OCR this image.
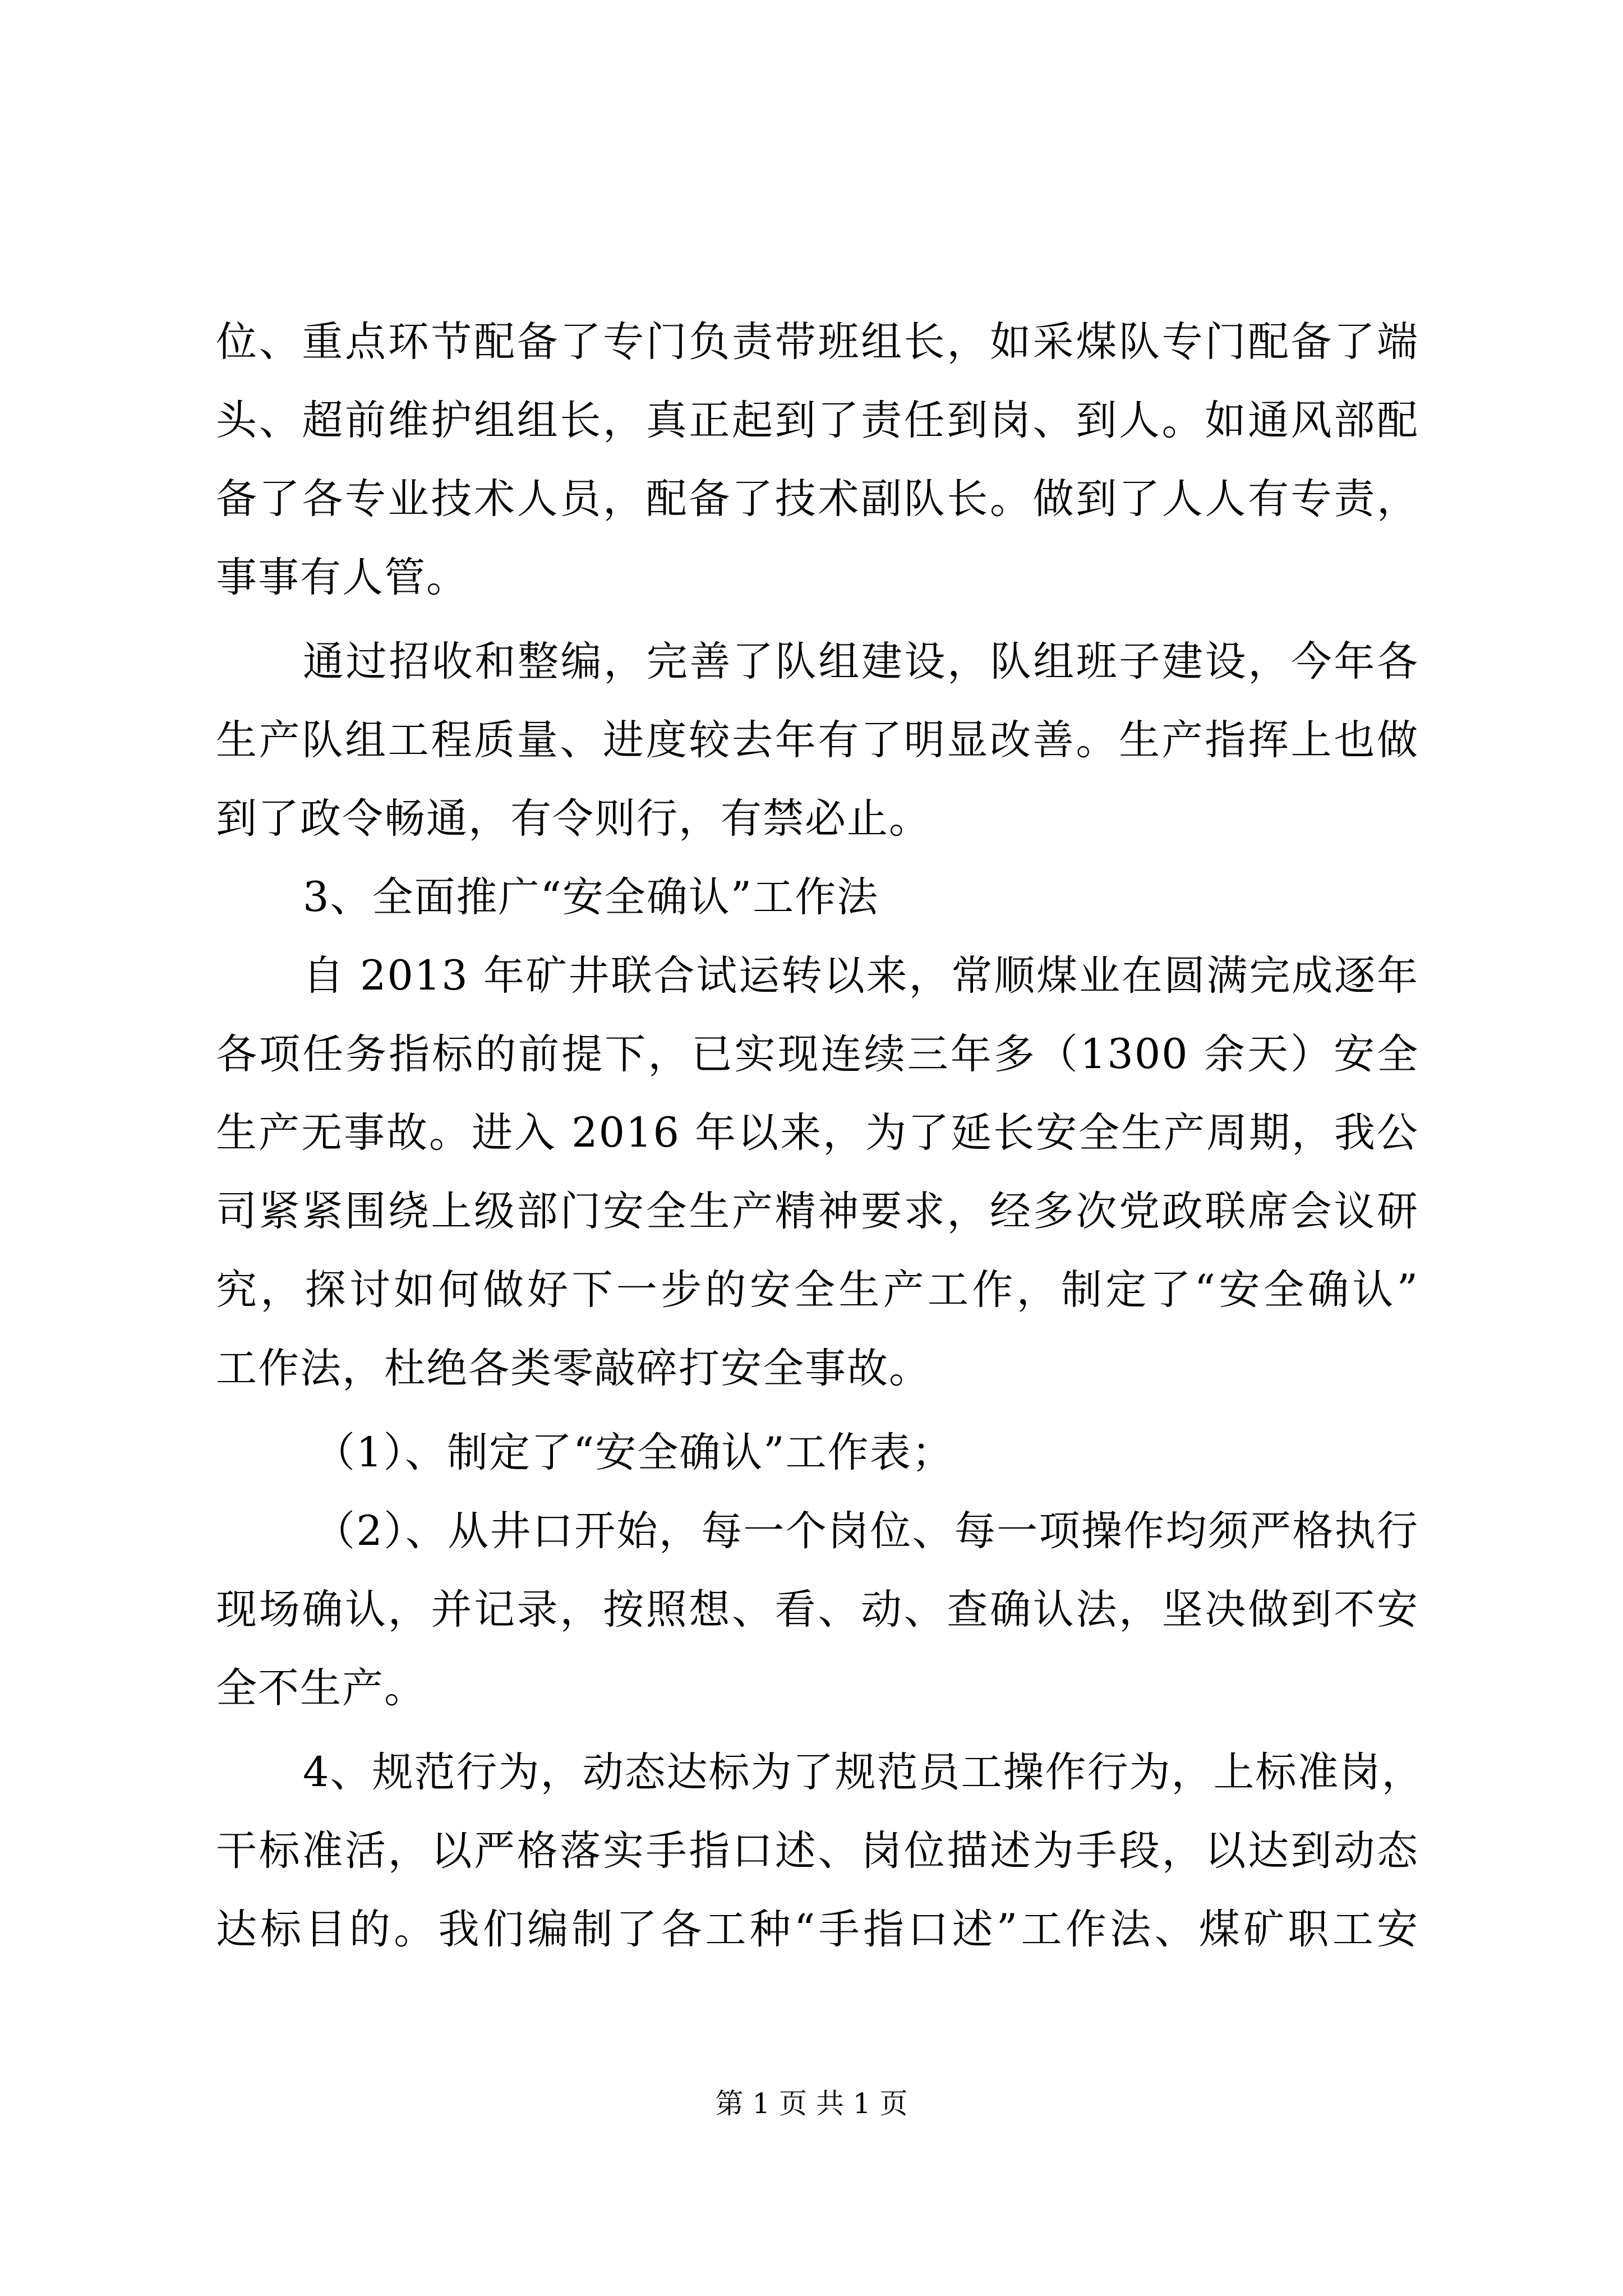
位、重点环节配备了专门负责带班组长，如采煤队专门配备了端
头、超前维护组组长，真正起到了责任到岗、到人。如通风部配
备了各专业技术人员，配备了技术副队长。做到了人人有专责，
事事有人管。
通过招收和整编，完善了队组建设，队组班子建设，今年各
生产队组工程质量、进度较去年有了明显改善。生产指挥上也做
到了政令畅通，有令则行，有禁必止。
3、全面推广“安全确认”工作法
自 2013 年矿井联合试运转以来，常顺煤业在圆满完成逐年
各项任务指标的前提下，已实现连续三年多（1300 余天）安全
生产无事故。进入 2016 年以来，为了延长安全生产周期，我公
司紧紧围绕上级部门安全生产精神要求，经多次党政联席会议研
究，探讨如何做好下一步的安全生产工作，制定了“安全确认”
工作法，杜绝各类零敲碎打安全事故。
（1）、制定了“安全确认”工作表；
（2）、从井口开始，每一个岗位、每一项操作均须严格执行
现场确认，并记录，按照想、看、动、查确认法，坚决做到不安
全不生产。
4、规范行为，动态达标为了规范员工操作行为，上标准岗，
干标准活，以严格落实手指口述、岗位描述为手段，以达到动态
达标目的。我们编制了各工种“手指口述”工作法、煤矿职工安
第 1 页 共 1 页
